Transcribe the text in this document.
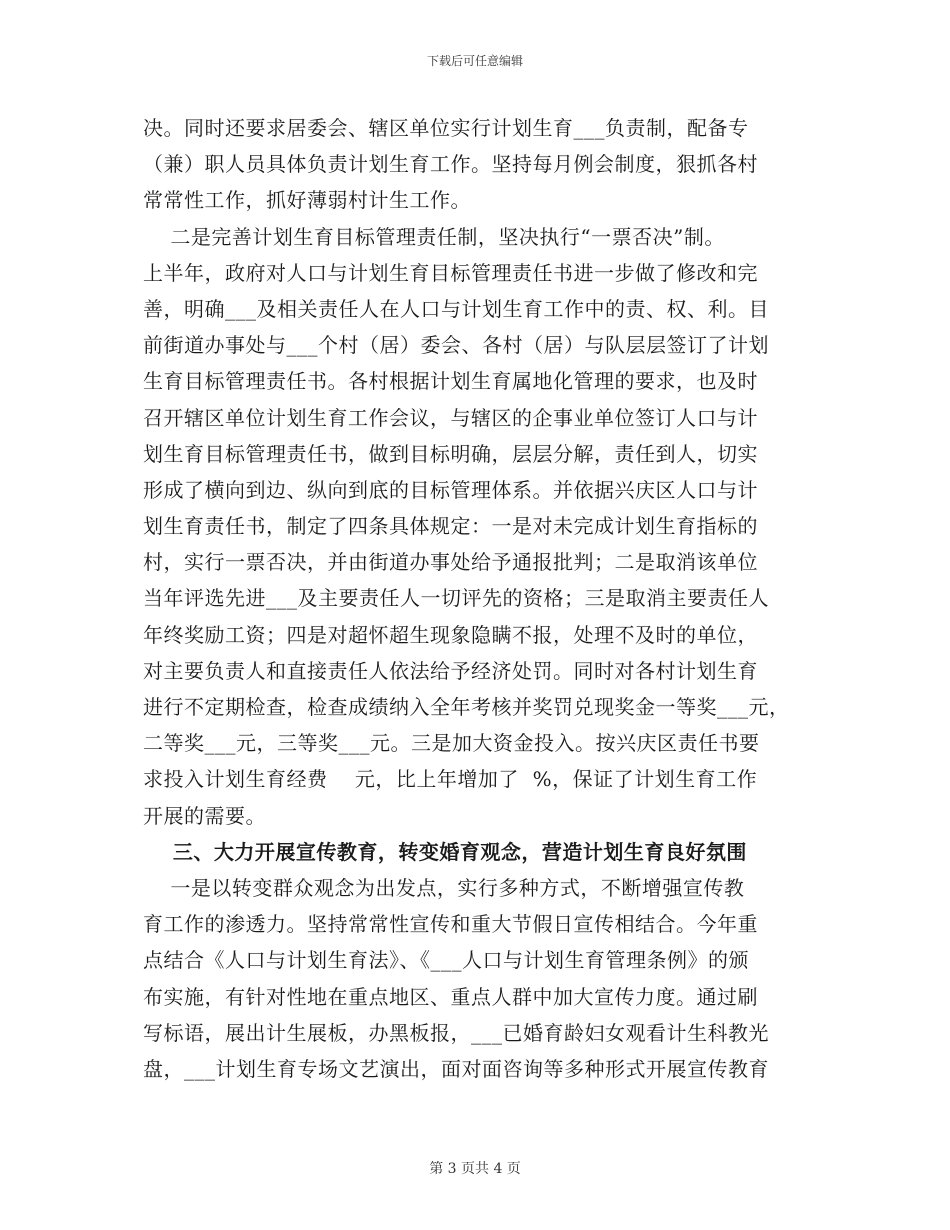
下载后可任意编辑
决。同时还要求居委会、辖区单位实行计划生育___负责制，配备专
（兼）职人员具体负责计划生育工作。坚持每月例会制度，狠抓各村
常常性工作，抓好薄弱村计生工作。
二是完善计划生育目标管理责任制，坚决执行“一票否决”制。
上半年，政府对人口与计划生育目标管理责任书进一步做了修改和完
善，明确___及相关责任人在人口与计划生育工作中的责、权、利。目
前街道办事处与___个村（居）委会、各村（居）与队层层签订了计划
生育目标管理责任书。各村根据计划生育属地化管理的要求，也及时
召开辖区单位计划生育工作会议，与辖区的企事业单位签订人口与计
划生育目标管理责任书，做到目标明确，层层分解，责任到人，切实
形成了横向到边、纵向到底的目标管理体系。并依据兴庆区人口与计
划生育责任书，制定了四条具体规定：一是对未完成计划生育指标的
村，实行一票否决，并由街道办事处给予通报批判；二是取消该单位
当年评选先进___及主要责任人一切评先的资格；三是取消主要责任人
年终奖励工资；四是对超怀超生现象隐瞒不报，处理不及时的单位，
对主要负责人和直接责任人依法给予经济处罚。同时对各村计划生育
进行不定期检查，检查成绩纳入全年考核并奖罚兑现奖金一等奖___元，
二等奖___元，三等奖___元。三是加大资金投入。按兴庆区责任书要
求投入计划生育经费    元，比上年增加了  %，保证了计划生育工作
开展的需要。
三、大力开展宣传教育，转变婚育观念，营造计划生育良好氛围
一是以转变群众观念为出发点，实行多种方式，不断增强宣传教
育工作的渗透力。坚持常常性宣传和重大节假日宣传相结合。今年重
点结合《人口与计划生育法》、《___人口与计划生育管理条例》的颁
布实施，有针对性地在重点地区、重点人群中加大宣传力度。通过刷
写标语，展出计生展板，办黑板报，___已婚育龄妇女观看计生科教光
盘，___计划生育专场文艺演出，面对面咨询等多种形式开展宣传教育
第 3 页共 4 页
